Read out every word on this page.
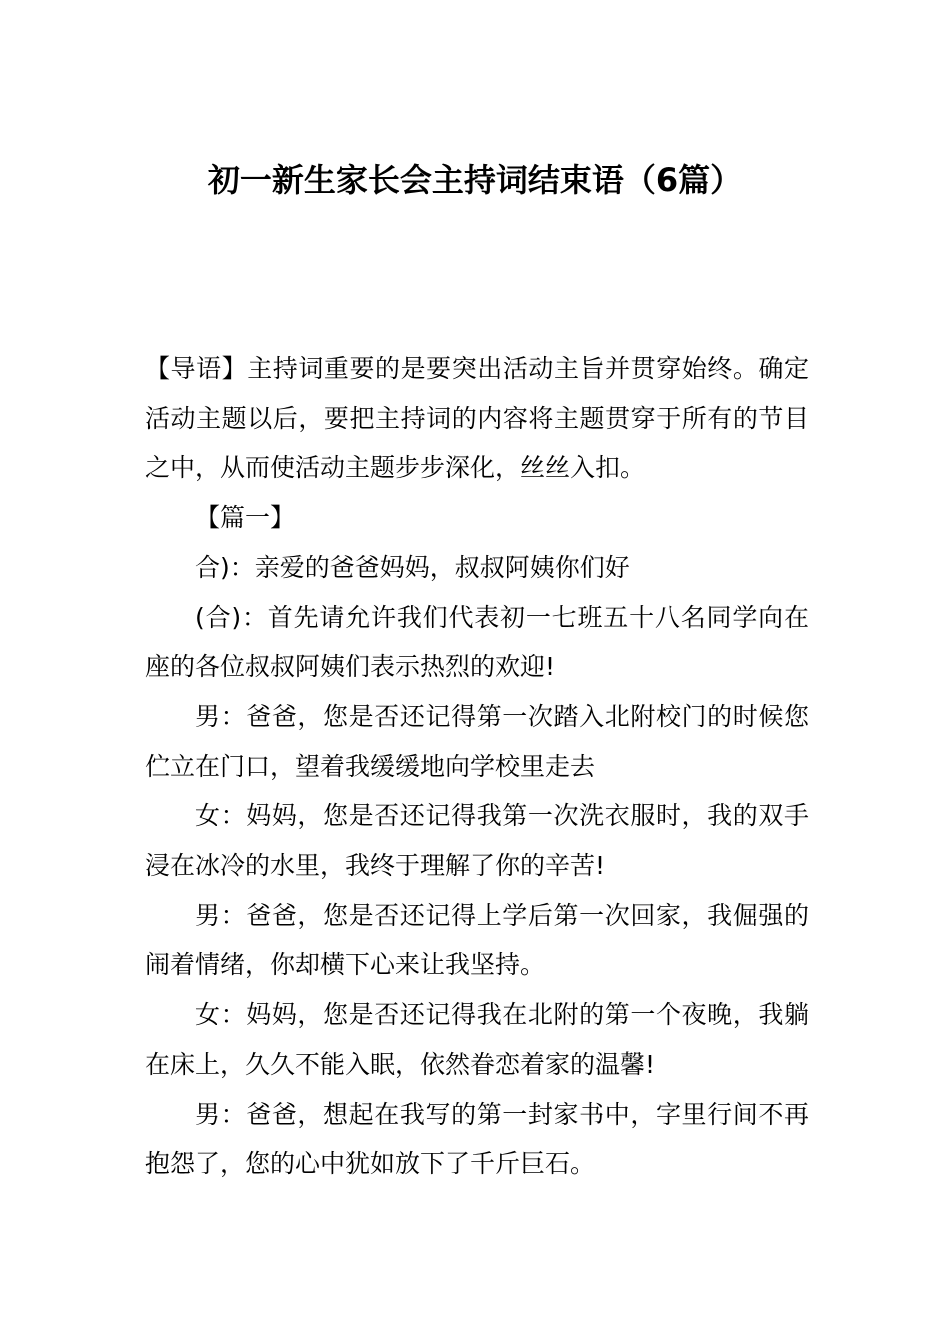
初一新生家长会主持词结束语（6篇）

【导语】主持词重要的是要突出活动主旨并贯穿始终。确定活动主题以后，要把主持词的内容将主题贯穿于所有的节目之中，从而使活动主题步步深化，丝丝入扣。

【篇一】

合)：亲爱的爸爸妈妈，叔叔阿姨你们好

(合)：首先请允许我们代表初一七班五十八名同学向在座的各位叔叔阿姨们表示热烈的欢迎!

男：爸爸，您是否还记得第一次踏入北附校门的时候您伫立在门口，望着我缓缓地向学校里走去

女：妈妈，您是否还记得我第一次洗衣服时，我的双手浸在冰冷的水里，我终于理解了你的辛苦!

男：爸爸，您是否还记得上学后第一次回家，我倔强的闹着情绪，你却横下心来让我坚持。

女：妈妈，您是否还记得我在北附的第一个夜晚，我躺在床上，久久不能入眠，依然眷恋着家的温馨!

男：爸爸，想起在我写的第一封家书中，字里行间不再抱怨了，您的心中犹如放下了千斤巨石。
